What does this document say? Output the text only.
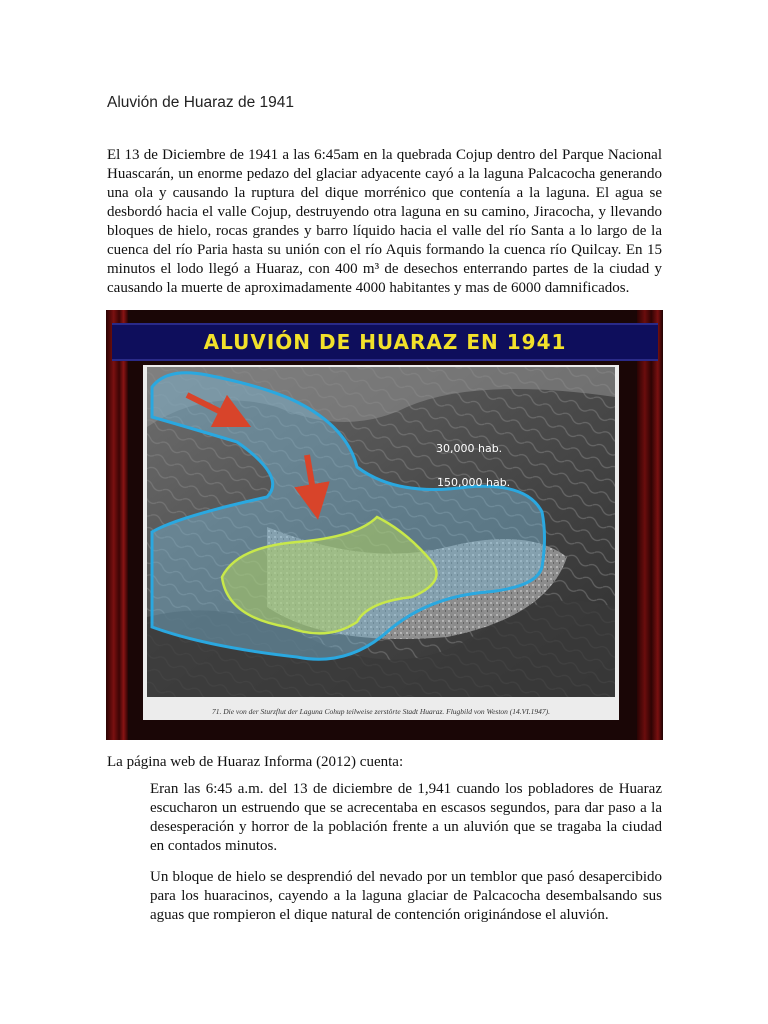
Aluvión de Huaraz de 1941

El 13 de Diciembre de 1941 a las 6:45am en la quebrada Cojup dentro del Parque Nacional Huascarán, un enorme pedazo del glaciar adyacente cayó a la laguna Palcacocha generando una ola y causando la ruptura del dique morrénico que contenía a la laguna. El agua se desbordó hacia el valle Cojup, destruyendo otra laguna en su camino, Jiracocha, y llevando bloques de hielo, rocas grandes y barro líquido hacia el valle del río Santa a lo largo de la cuenca del río Paria hasta su unión con el río Aquis formando la cuenca río Quilcay. En 15 minutos el lodo llegó a Huaraz, con 400 m³ de desechos enterrando partes de la ciudad y causando la muerte de aproximadamente 4000 habitantes y mas de 6000 damnificados.

ALUVIÓN DE HUARAZ EN 1941
71. Die von der Sturzflut der Laguna Cohup teilweise zerstörte Stadt Huaraz. Flugbild von Weston (14.VI.1947).
30,000 hab.
150,000 hab.

La página web de Huaraz Informa (2012) cuenta:

Eran las 6:45 a.m. del 13 de diciembre de 1,941 cuando los pobladores de Huaraz escucharon un estruendo que se acrecentaba en escasos segundos, para dar paso a la desesperación y horror de la población frente a un aluvión que se tragaba la ciudad en contados minutos.

Un bloque de hielo se desprendió del nevado por un temblor que pasó desapercibido para los huaracinos, cayendo a la laguna glaciar de Palcacocha desembalsando sus aguas que rompieron el dique natural de contención originándose el aluvión.
